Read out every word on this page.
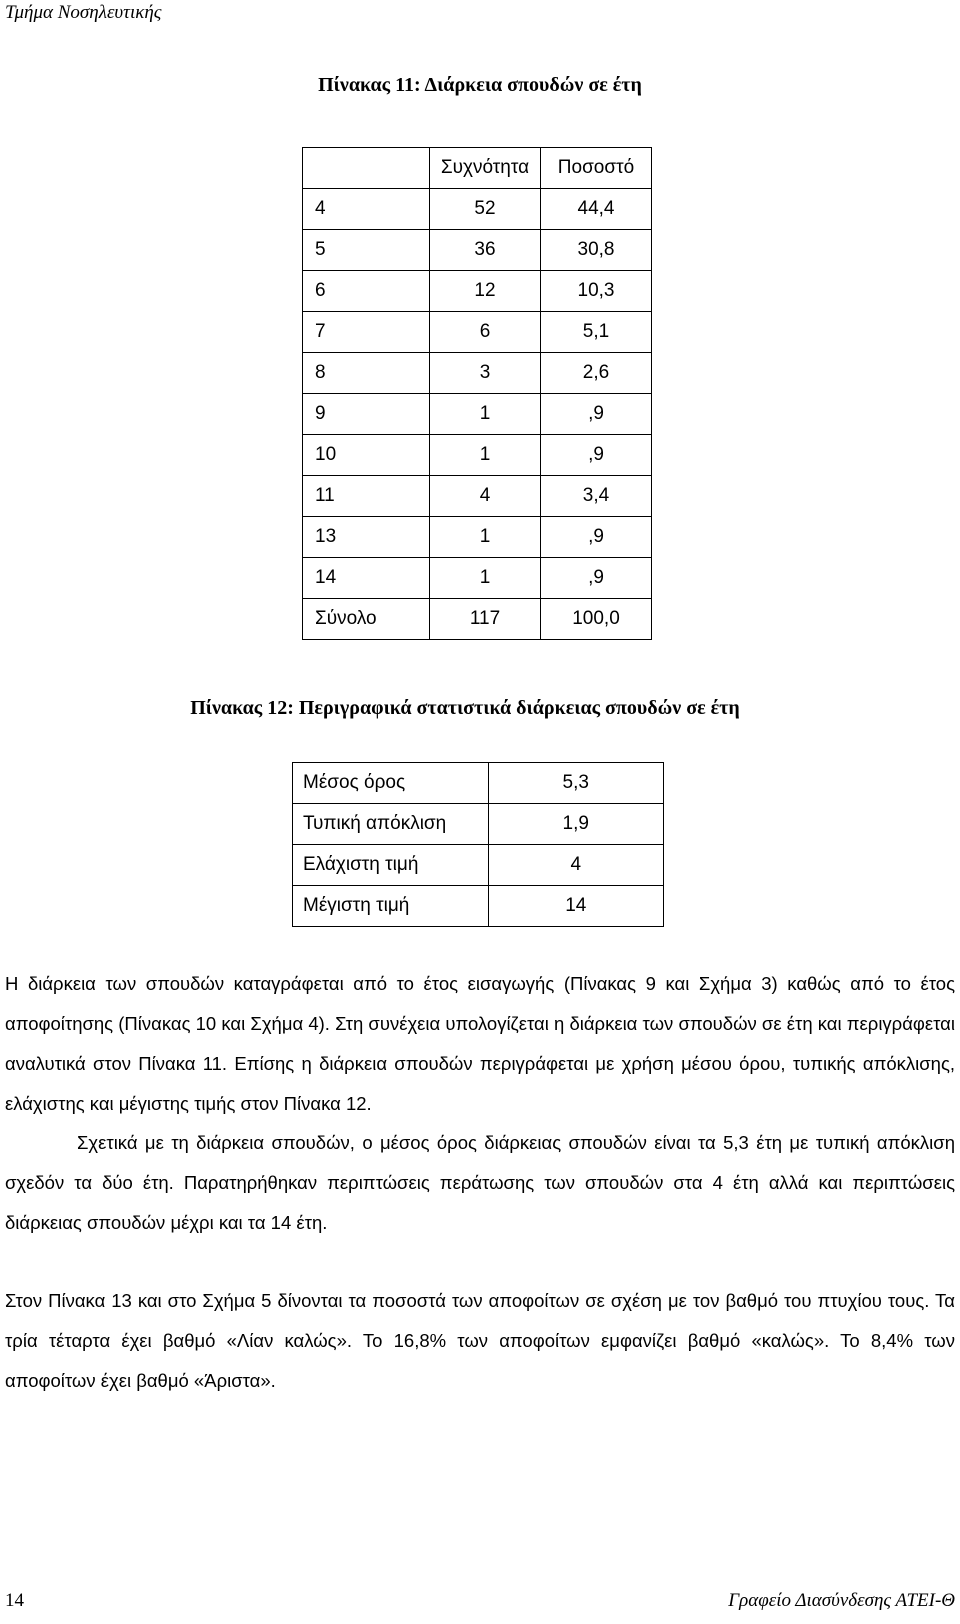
Τμήμα Νοσηλευτικής
Πίνακας 11: Διάρκεια σπουδών σε έτη
	Συχνότητα	Ποσοστό
4	52	44,4
5	36	30,8
6	12	10,3
7	6	5,1
8	3	2,6
9	1	,9
10	1	,9
11	4	3,4
13	1	,9
14	1	,9
Σύνολο	117	100,0
Πίνακας 12: Περιγραφικά στατιστικά διάρκειας σπουδών σε έτη
Μέσος όρος	5,3
Τυπική απόκλιση	1,9
Ελάχιστη τιμή	4
Μέγιστη τιμή	14
Η διάρκεια των σπουδών καταγράφεται από το έτος εισαγωγής (Πίνακας 9 και Σχήμα 3) καθώς από το έτος αποφοίτησης (Πίνακας 10 και Σχήμα 4). Στη συνέχεια υπολογίζεται η διάρκεια των σπουδών σε έτη και περιγράφεται αναλυτικά στον Πίνακα 11. Επίσης η διάρκεια σπουδών περιγράφεται με χρήση μέσου όρου, τυπικής απόκλισης, ελάχιστης και μέγιστης τιμής στον Πίνακα 12.
Σχετικά με τη διάρκεια σπουδών, ο μέσος όρος διάρκειας σπουδών είναι τα 5,3 έτη με τυπική απόκλιση σχεδόν τα δύο έτη. Παρατηρήθηκαν περιπτώσεις περάτωσης των σπουδών στα 4 έτη αλλά και περιπτώσεις διάρκειας σπουδών μέχρι και τα 14 έτη.
Στον Πίνακα 13 και στο Σχήμα 5 δίνονται τα ποσοστά των αποφοίτων σε σχέση με τον βαθμό του πτυχίου τους. Τα τρία τέταρτα έχει βαθμό «Λίαν καλώς». Το 16,8% των αποφοίτων εμφανίζει βαθμό «καλώς». Το 8,4% των αποφοίτων έχει βαθμό «Άριστα».
14	Γραφείο Διασύνδεσης ΑΤΕΙ-Θ
